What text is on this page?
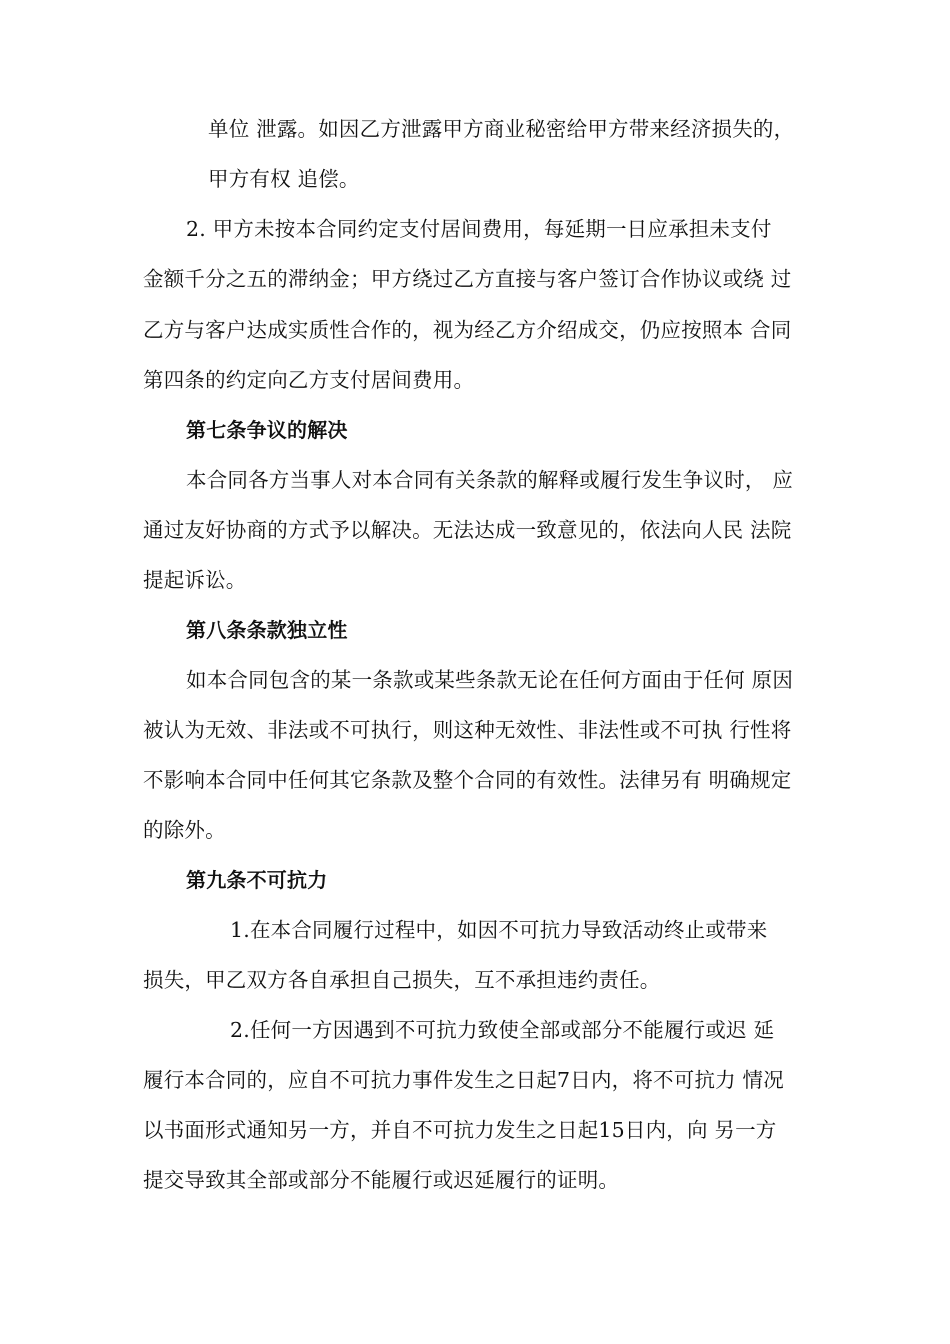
单位 泄露。如因乙方泄露甲方商业秘密给甲方带来经济损失的，
甲方有权 追偿。
2. 甲方未按本合同约定支付居间费用，每延期一日应承担未支付
金额千分之五的滞纳金；甲方绕过乙方直接与客户签订合作协议或绕 过
乙方与客户达成实质性合作的，视为经乙方介绍成交，仍应按照本 合同
第四条的约定向乙方支付居间费用。
第七条争议的解决
本合同各方当事人对本合同有关条款的解释或履行发生争议时， 应
通过友好协商的方式予以解决。无法达成一致意见的，依法向人民 法院
提起诉讼。
第八条条款独立性
如本合同包含的某一条款或某些条款无论在任何方面由于任何 原因
被认为无效、非法或不可执行，则这种无效性、非法性或不可执 行性将
不影响本合同中任何其它条款及整个合同的有效性。法律另有 明确规定
的除外。
第九条不可抗力
1.在本合同履行过程中，如因不可抗力导致活动终止或带来
损失，甲乙双方各自承担自己损失，互不承担违约责任。
2.任何一方因遇到不可抗力致使全部或部分不能履行或迟 延
履行本合同的，应自不可抗力事件发生之日起7日内，将不可抗力 情况
以书面形式通知另一方，并自不可抗力发生之日起15日内，向 另一方
提交导致其全部或部分不能履行或迟延履行的证明。
